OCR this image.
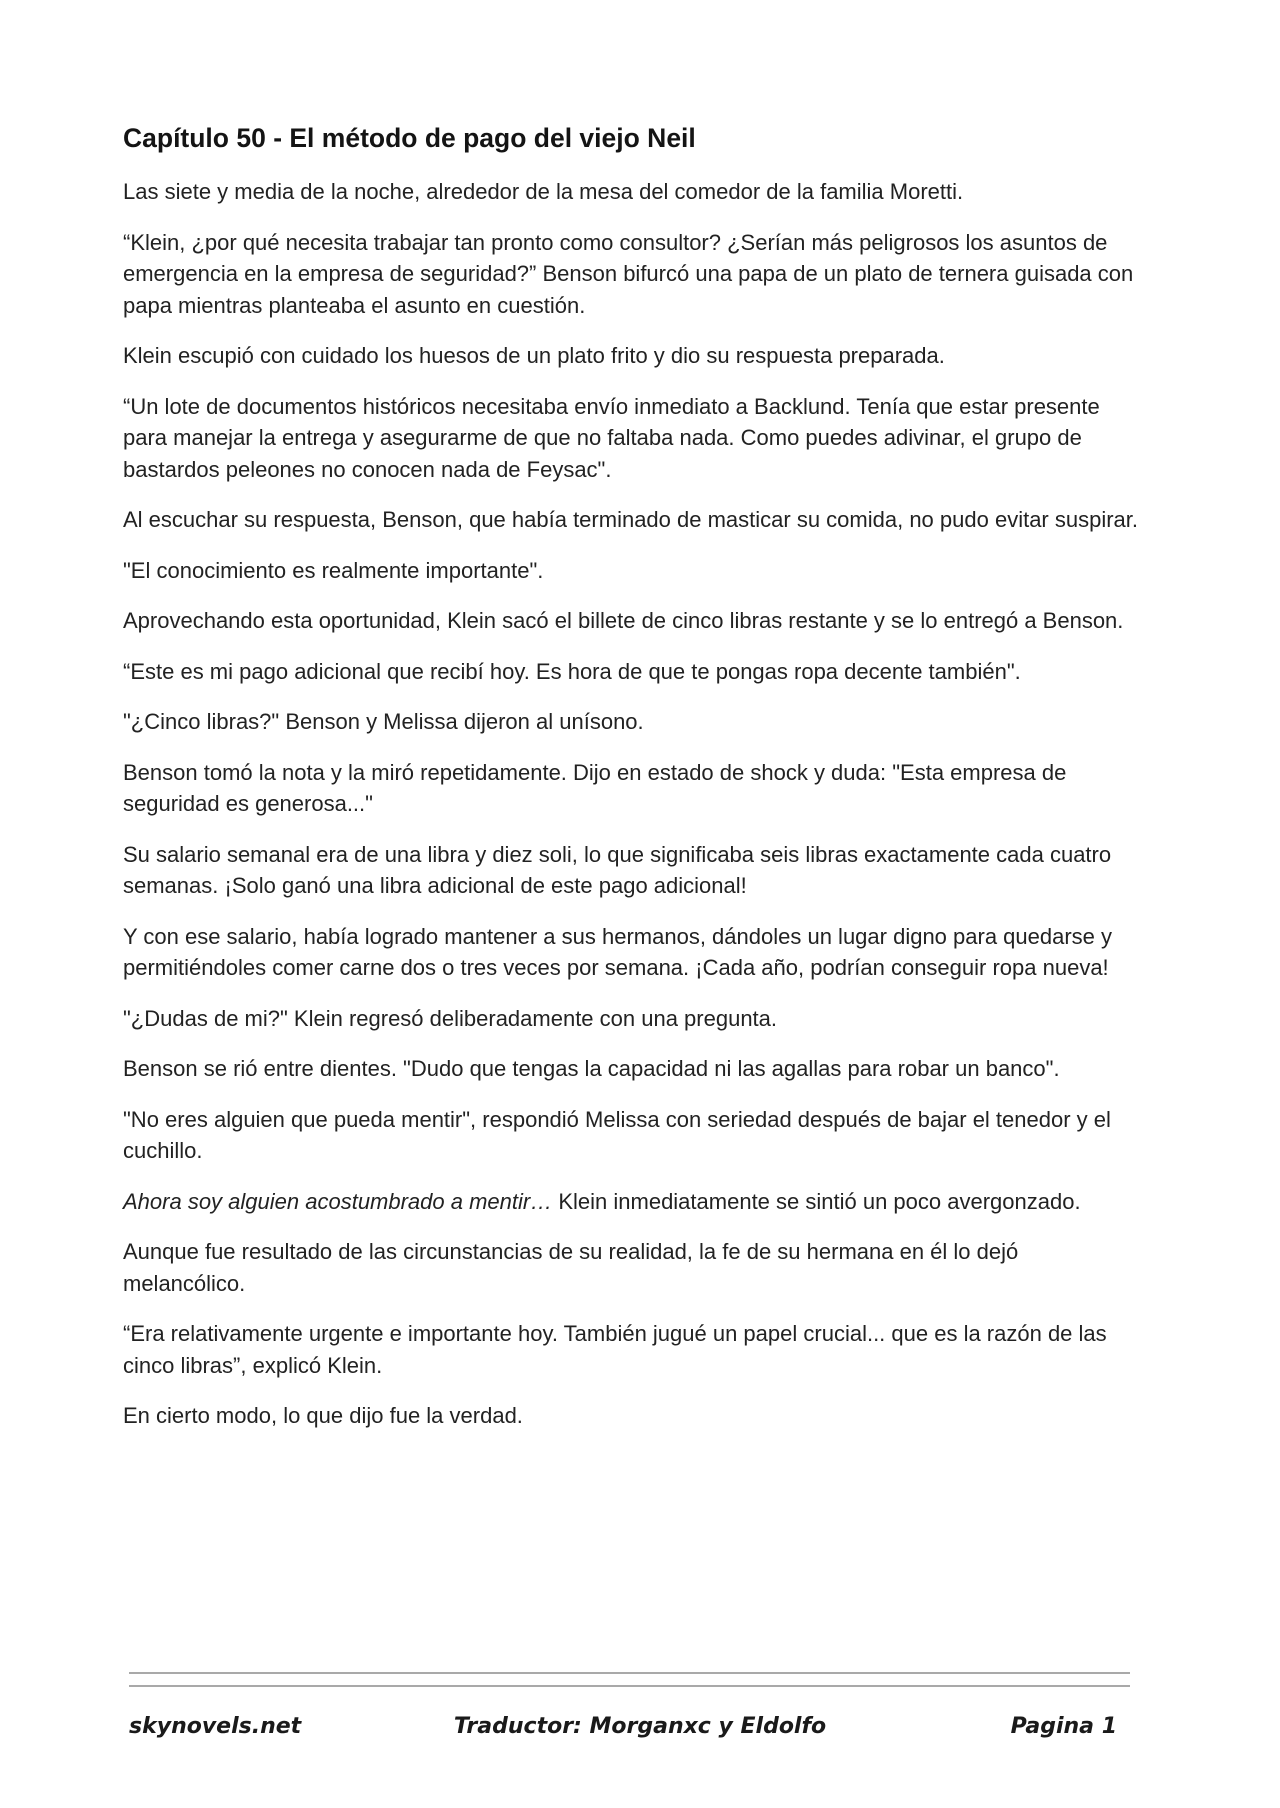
Capítulo 50 - El método de pago del viejo Neil

Las siete y media de la noche, alrededor de la mesa del comedor de la familia Moretti.

“Klein, ¿por qué necesita trabajar tan pronto como consultor? ¿Serían más peligrosos los asuntos de emergencia en la empresa de seguridad?” Benson bifurcó una papa de un plato de ternera guisada con papa mientras planteaba el asunto en cuestión.

Klein escupió con cuidado los huesos de un plato frito y dio su respuesta preparada.

“Un lote de documentos históricos necesitaba envío inmediato a Backlund. Tenía que estar presente para manejar la entrega y asegurarme de que no faltaba nada. Como puedes adivinar, el grupo de bastardos peleones no conocen nada de Feysac".

Al escuchar su respuesta, Benson, que había terminado de masticar su comida, no pudo evitar suspirar.

"El conocimiento es realmente importante".

Aprovechando esta oportunidad, Klein sacó el billete de cinco libras restante y se lo entregó a Benson.

“Este es mi pago adicional que recibí hoy. Es hora de que te pongas ropa decente también".

"¿Cinco libras?" Benson y Melissa dijeron al unísono.

Benson tomó la nota y la miró repetidamente. Dijo en estado de shock y duda: "Esta empresa de seguridad es generosa..."

Su salario semanal era de una libra y diez soli, lo que significaba seis libras exactamente cada cuatro semanas. ¡Solo ganó una libra adicional de este pago adicional!

Y con ese salario, había logrado mantener a sus hermanos, dándoles un lugar digno para quedarse y permitiéndoles comer carne dos o tres veces por semana. ¡Cada año, podrían conseguir ropa nueva!

"¿Dudas de mi?" Klein regresó deliberadamente con una pregunta.

Benson se rió entre dientes. "Dudo que tengas la capacidad ni las agallas para robar un banco".

"No eres alguien que pueda mentir", respondió Melissa con seriedad después de bajar el tenedor y el cuchillo.

Ahora soy alguien acostumbrado a mentir… Klein inmediatamente se sintió un poco avergonzado.

Aunque fue resultado de las circunstancias de su realidad, la fe de su hermana en él lo dejó melancólico.

“Era relativamente urgente e importante hoy. También jugué un papel crucial... que es la razón de las cinco libras”, explicó Klein.

En cierto modo, lo que dijo fue la verdad.

skynovels.net	Traductor: Morganxc y Eldolfo	Pagina 1
